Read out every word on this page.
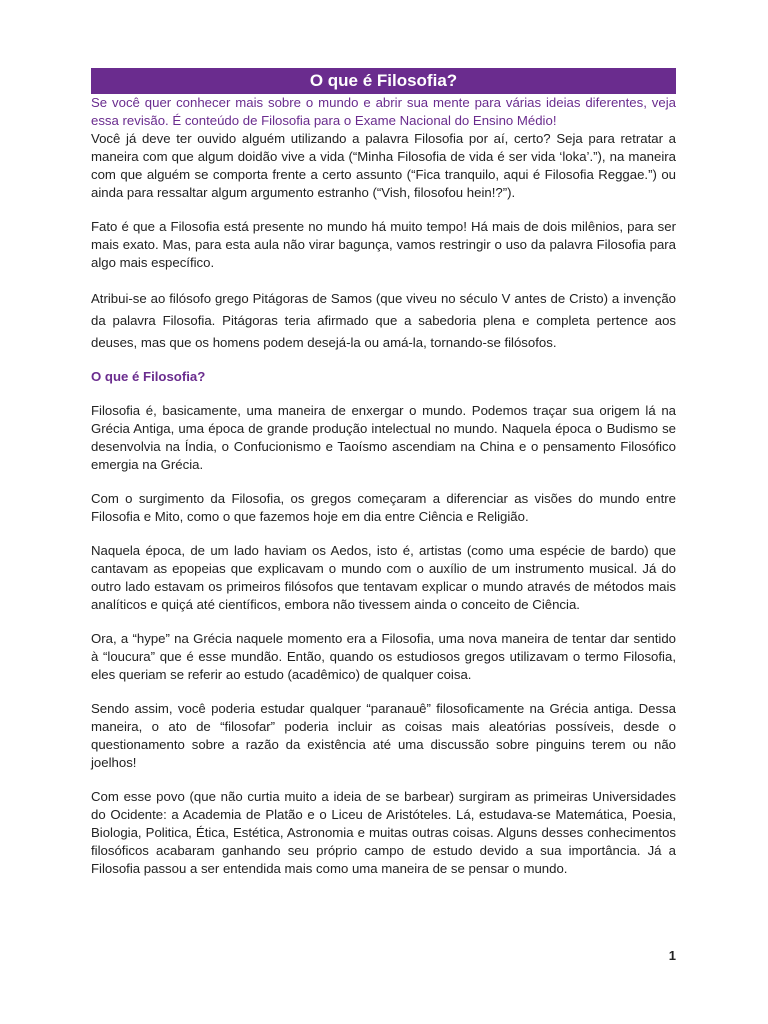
O que é Filosofia?

Se você quer conhecer mais sobre o mundo e abrir sua mente para várias ideias diferentes, veja essa revisão. É conteúdo de Filosofia para o Exame Nacional do Ensino Médio!

Você já deve ter ouvido alguém utilizando a palavra Filosofia por aí, certo? Seja para retratar a maneira com que algum doidão vive a vida (“Minha Filosofia de vida é ser vida ‘loka’.”), na maneira com que alguém se comporta frente a certo assunto (“Fica tranquilo, aqui é Filosofia Reggae.”) ou ainda para ressaltar algum argumento estranho (“Vish, filosofou hein!?”).

Fato é que a Filosofia está presente no mundo há muito tempo! Há mais de dois milênios, para ser mais exato. Mas, para esta aula não virar bagunça, vamos restringir o uso da palavra Filosofia para algo mais específico.

Atribui-se ao filósofo grego Pitágoras de Samos (que viveu no século V antes de Cristo) a invenção da palavra Filosofia. Pitágoras teria afirmado que a sabedoria plena e completa pertence aos deuses, mas que os homens podem desejá-la ou amá-la, tornando-se filósofos.

O que é Filosofia?

Filosofia é, basicamente, uma maneira de enxergar o mundo. Podemos traçar sua origem lá na Grécia Antiga, uma época de grande produção intelectual no mundo. Naquela época o Budismo se desenvolvia na Índia, o Confucionismo e Taoísmo ascendiam na China e o pensamento Filosófico emergia na Grécia.

Com o surgimento da Filosofia, os gregos começaram a diferenciar as visões do mundo entre Filosofia e Mito, como o que fazemos hoje em dia entre Ciência e Religião.

Naquela época, de um lado haviam os Aedos, isto é, artistas (como uma espécie de bardo) que cantavam as epopeias que explicavam o mundo com o auxílio de um instrumento musical. Já do outro lado estavam os primeiros filósofos que tentavam explicar o mundo através de métodos mais analíticos e quiçá até científicos, embora não tivessem ainda o conceito de Ciência.

Ora, a “hype” na Grécia naquele momento era a Filosofia, uma nova maneira de tentar dar sentido à “loucura” que é esse mundão. Então, quando os estudiosos gregos utilizavam o termo Filosofia, eles queriam se referir ao estudo (acadêmico) de qualquer coisa.

Sendo assim, você poderia estudar qualquer “paranauê” filosoficamente na Grécia antiga. Dessa maneira, o ato de “filosofar” poderia incluir as coisas mais aleatórias possíveis, desde o questionamento sobre a razão da existência até uma discussão sobre pinguins terem ou não joelhos!

Com esse povo (que não curtia muito a ideia de se barbear) surgiram as primeiras Universidades do Ocidente: a Academia de Platão e o Liceu de Aristóteles. Lá, estudava-se Matemática, Poesia, Biologia, Politica, Ética, Estética, Astronomia e muitas outras coisas. Alguns desses conhecimentos filosóficos acabaram ganhando seu próprio campo de estudo devido a sua importância. Já a Filosofia passou a ser entendida mais como uma maneira de se pensar o mundo.

1
